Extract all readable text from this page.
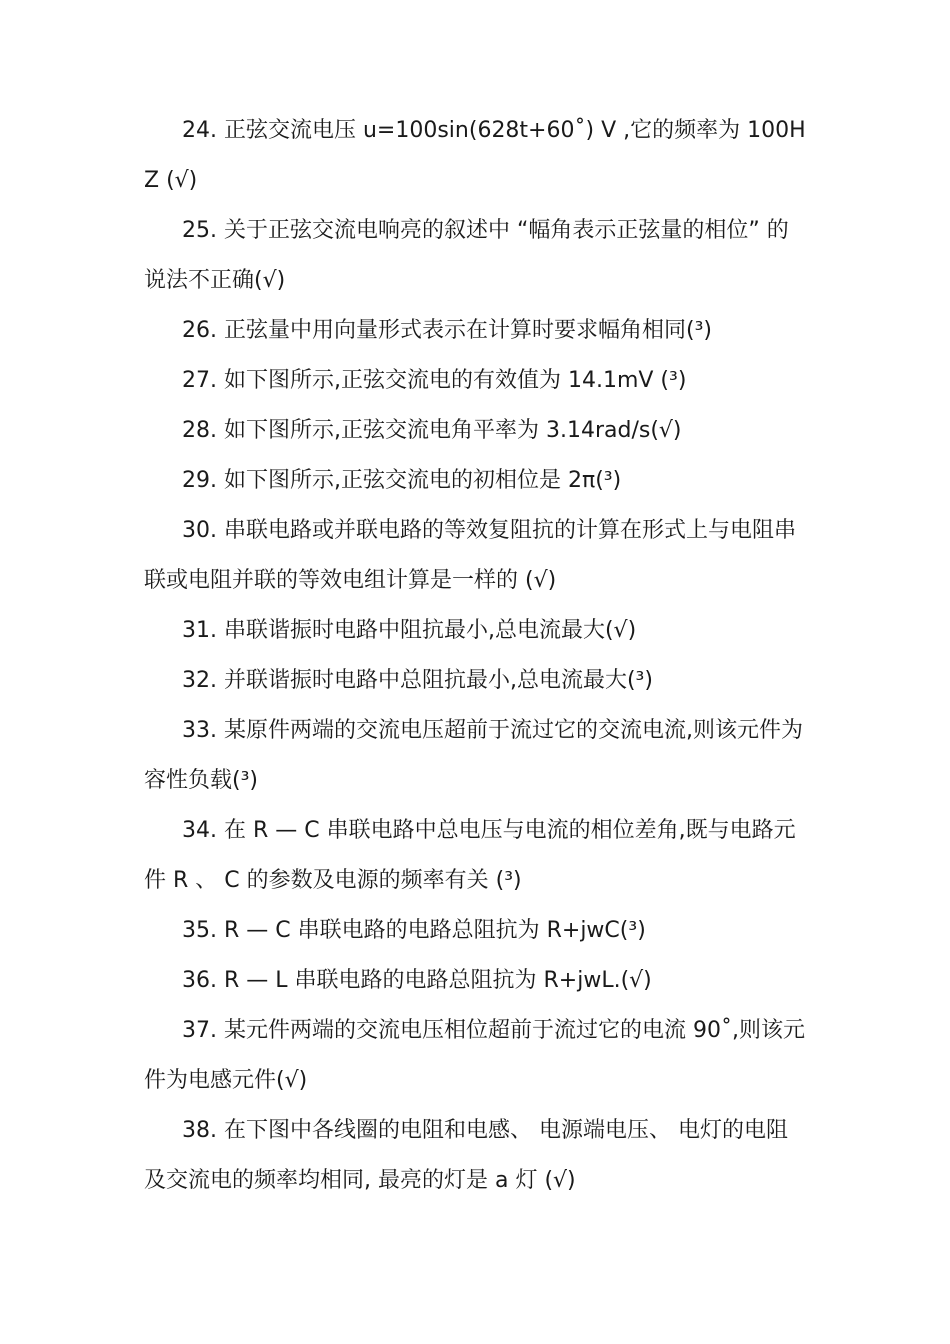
24. 正弦交流电压 u=100sin(628t+60˚) V ,它的频率为 100HZ (√)

25. 关于正弦交流电响亮的叙述中 “幅角表示正弦量的相位” 的说法不正确(√)

26. 正弦量中用向量形式表示在计算时要求幅角相同(³)

27. 如下图所示,正弦交流电的有效值为 14.1mV (³)

28. 如下图所示,正弦交流电角平率为 3.14rad/s(√)

29. 如下图所示,正弦交流电的初相位是 2π(³)

30. 串联电路或并联电路的等效复阻抗的计算在形式上与电阻串联或电阻并联的等效电组计算是一样的 (√)

31. 串联谐振时电路中阻抗最小,总电流最大(√)

32. 并联谐振时电路中总阻抗最小,总电流最大(³)

33. 某原件两端的交流电压超前于流过它的交流电流,则该元件为容性负载(³)

34. 在 R — C 串联电路中总电压与电流的相位差角,既与电路元件 R 、 C 的参数及电源的频率有关 (³)

35. R — C 串联电路的电路总阻抗为 R+jwC(³)

36. R — L 串联电路的电路总阻抗为 R+jwL.(√)

37. 某元件两端的交流电压相位超前于流过它的电流 90˚,则该元件为电感元件(√)

38. 在下图中各线圈的电阻和电感、 电源端电压、 电灯的电阻及交流电的频率均相同, 最亮的灯是 a 灯 (√)
